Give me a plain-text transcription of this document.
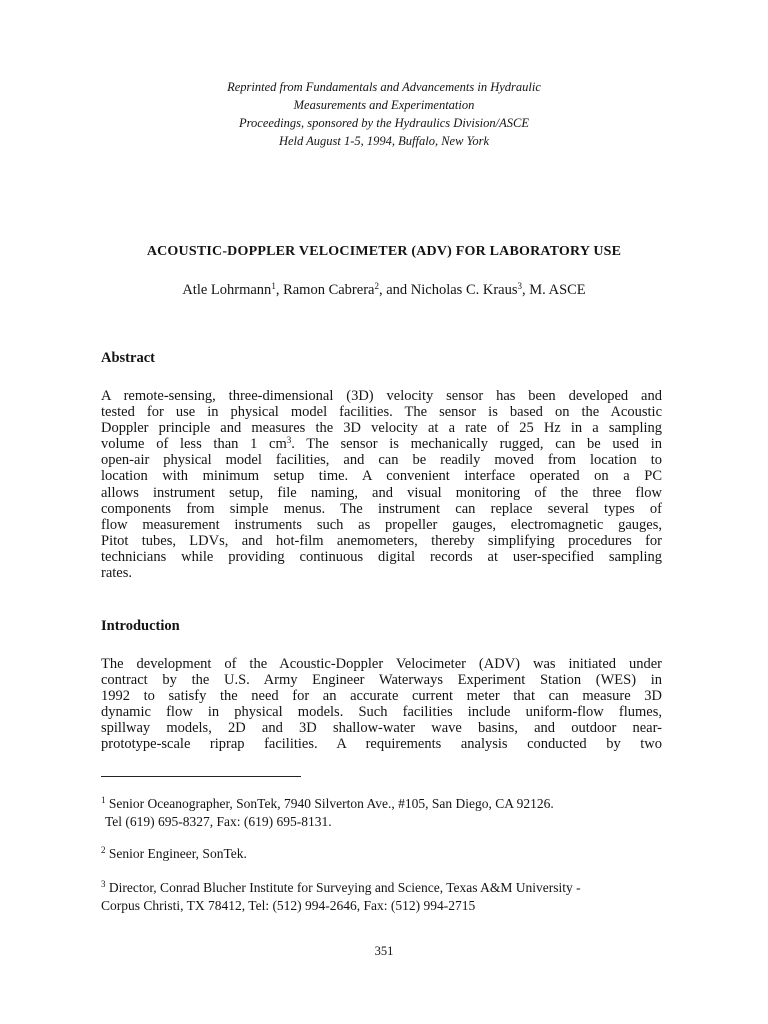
Reprinted from Fundamentals and Advancements in Hydraulic
Measurements and Experimentation
Proceedings, sponsored by the Hydraulics Division/ASCE
Held August 1-5, 1994, Buffalo, New York
ACOUSTIC-DOPPLER VELOCIMETER (ADV) FOR LABORATORY USE
Atle Lohrmann$^1$, Ramon Cabrera$^2$, and Nicholas C. Kraus$^3$, M. ASCE
Abstract
A remote-sensing, three-dimensional (3D) velocity sensor has been developed and
tested for use in physical model facilities. The sensor is based on the Acoustic
Doppler principle and measures the 3D velocity at a rate of 25 Hz in a sampling
volume of less than 1 $cm^3$. The sensor is mechanically rugged, can be used in
open-air physical model facilities, and can be readily moved from location to
location with minimum setup time. A convenient interface operated on a PC
allows instrument setup, file naming, and visual monitoring of the three flow
components from simple menus. The instrument can replace several types of
flow measurement instruments such as propeller gauges, electromagnetic gauges,
Pitot tubes, LDVs, and hot-film anemometers, thereby simplifying procedures for
technicians while providing continuous digital records at user-specified sampling
rates.
Introduction
The development of the Acoustic-Doppler Velocimeter (ADV) was initiated under
contract by the U.S. Army Engineer Waterways Experiment Station (WES) in
1992 to satisfy the need for an accurate current meter that can measure 3D
dynamic flow in physical models. Such facilities include uniform-flow flumes,
spillway models, 2D and 3D shallow-water wave basins, and outdoor near-
prototype-scale riprap facilities. A requirements analysis conducted by two
$^1$ Senior Oceanographer, SonTek, 7940 Silverton Ave., #105, San Diego, CA 92126.
Tel (619) 695-8327, Fax: (619) 695-8131.
$^2$ Senior Engineer, SonTek.
$^3$ Director, Conrad Blucher Institute for Surveying and Science, Texas A&M University -
Corpus Christi, TX 78412, Tel: (512) 994-2646, Fax: (512) 994-2715
351
